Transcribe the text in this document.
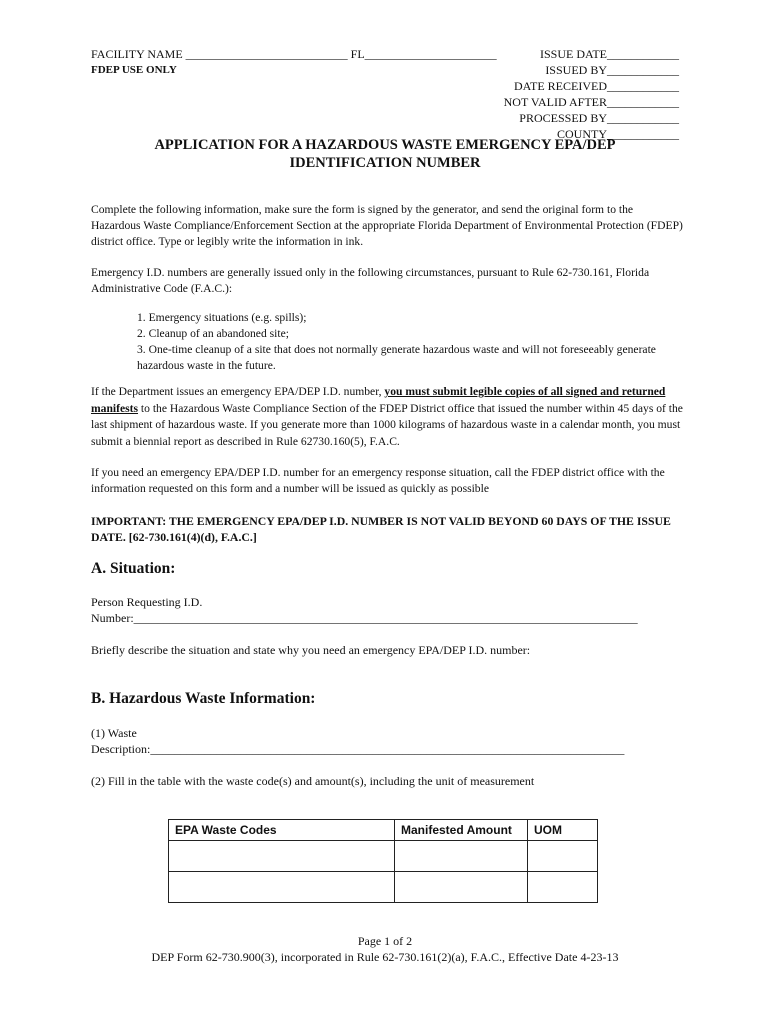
FACILITY NAME ___________________________ FL______________________
FDEP USE ONLY
ISSUE DATE____________
ISSUED BY____________
DATE RECEIVED____________
NOT VALID AFTER____________
PROCESSED BY____________
COUNTY____________
APPLICATION FOR A HAZARDOUS WASTE EMERGENCY EPA/DEP
IDENTIFICATION NUMBER
Complete the following information, make sure the form is signed by the generator, and send the original form to the Hazardous Waste Compliance/Enforcement Section at the appropriate Florida Department of Environmental Protection (FDEP) district office. Type or legibly write the information in ink.
Emergency I.D. numbers are generally issued only in the following circumstances, pursuant to Rule 62-730.161, Florida Administrative Code (F.A.C.):
1. Emergency situations (e.g. spills);
2. Cleanup of an abandoned site;
3. One-time cleanup of a site that does not normally generate hazardous waste and will not foreseeably generate hazardous waste in the future.
If the Department issues an emergency EPA/DEP I.D. number, you must submit legible copies of all signed and returned manifests to the Hazardous Waste Compliance Section of the FDEP District office that issued the number within 45 days of the last shipment of hazardous waste. If you generate more than 1000 kilograms of hazardous waste in a calendar month, you must submit a biennial report as described in Rule 62730.160(5), F.A.C.
If you need an emergency EPA/DEP I.D. number for an emergency response situation, call the FDEP district office with the information requested on this form and a number will be issued as quickly as possible
IMPORTANT: THE EMERGENCY EPA/DEP I.D. NUMBER IS NOT VALID BEYOND 60 DAYS OF THE ISSUE DATE. [62-730.161(4)(d), F.A.C.]
A. Situation:
Person Requesting I.D.
Number:____________________________________________________________________________________
Briefly describe the situation and state why you need an emergency EPA/DEP I.D. number:
B. Hazardous Waste Information:
(1) Waste
Description:_______________________________________________________________________________
(2) Fill in the table with the waste code(s) and amount(s), including the unit of measurement
EPA Waste Codes	Manifested Amount	UOM

Page 1 of 2
DEP Form 62-730.900(3), incorporated in Rule 62-730.161(2)(a), F.A.C., Effective Date 4-23-13
